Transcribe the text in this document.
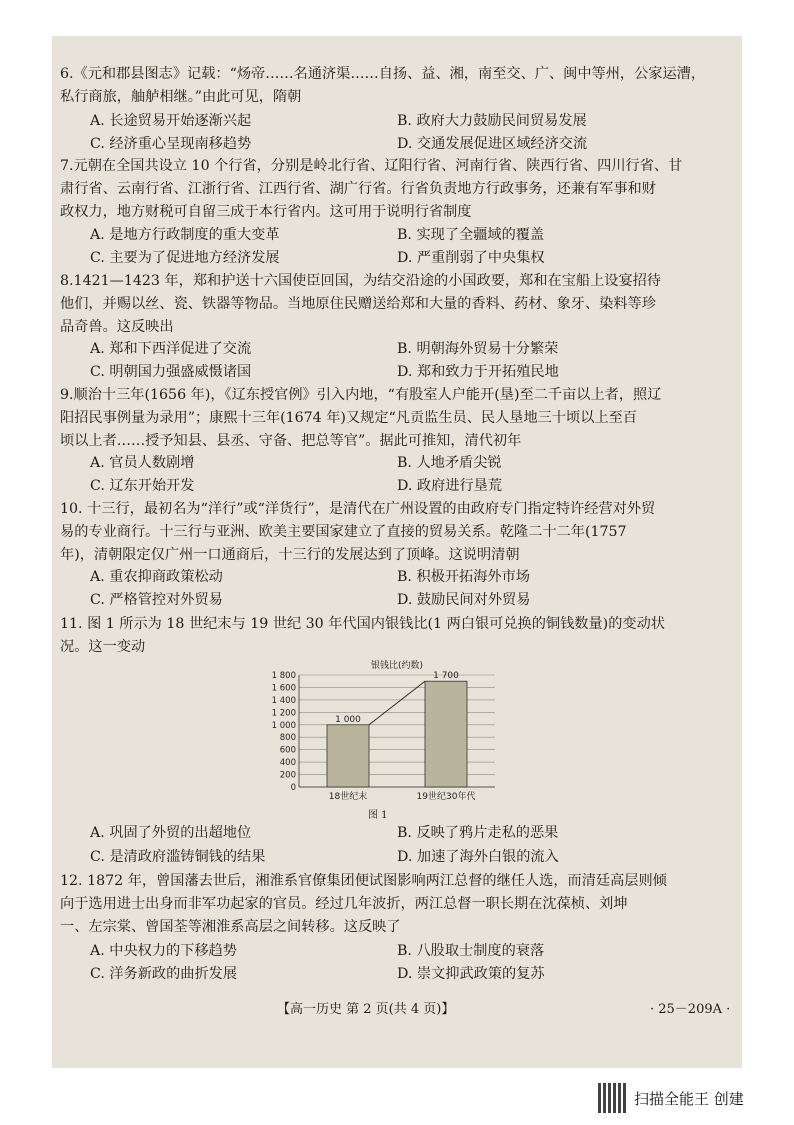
6.《元和郡县图志》记载：“炀帝……名通济渠……自扬、益、湘，南至交、广、闽中等州，公家运漕，
私行商旅，舳舻相继。”由此可见，隋朝
A. 长途贸易开始逐渐兴起	B. 政府大力鼓励民间贸易发展
C. 经济重心呈现南移趋势	D. 交通发展促进区域经济交流
7.元朝在全国共设立 10 个行省，分别是岭北行省、辽阳行省、河南行省、陕西行省、四川行省、甘
肃行省、云南行省、江浙行省、江西行省、湖广行省。行省负责地方行政事务，还兼有军事和财
政权力，地方财税可自留三成于本行省内。这可用于说明行省制度
A. 是地方行政制度的重大变革	B. 实现了全疆域的覆盖
C. 主要为了促进地方经济发展	D. 严重削弱了中央集权
8.1421—1423 年，郑和护送十六国使臣回国，为结交沿途的小国政要，郑和在宝船上设宴招待
他们，并赐以丝、瓷、铁器等物品。当地原住民赠送给郑和大量的香料、药材、象牙、染料等珍
品奇兽。这反映出
A. 郑和下西洋促进了交流	B. 明朝海外贸易十分繁荣
C. 明朝国力强盛威慑诸国	D. 郑和致力于开拓殖民地
9.顺治十三年(1656 年)，《辽东授官例》引入内地，“有股室人户能开(垦)至二千亩以上者，照辽
阳招民事例量为录用”；康熙十三年(1674 年)又规定“凡贡监生员、民人垦地三十顷以上至百
顷以上者……授予知县、县丞、守备、把总等官”。据此可推知，清代初年
A. 官员人数剧增	B. 人地矛盾尖锐
C. 辽东开始开发	D. 政府进行垦荒
10. 十三行，最初名为“洋行”或“洋货行”，是清代在广州设置的由政府专门指定特许经营对外贸
易的专业商行。十三行与亚洲、欧美主要国家建立了直接的贸易关系。乾隆二十二年(1757
年)，清朝限定仅广州一口通商后，十三行的发展达到了顶峰。这说明清朝
A. 重农抑商政策松动	B. 积极开拓海外市场
C. 严格管控对外贸易	D. 鼓励民间对外贸易
11. 图 1 所示为 18 世纪末与 19 世纪 30 年代国内银钱比(1 两白银可兑换的铜钱数量)的变动状
况。这一变动
银钱比(约数)
0
200
400
600
800
1 000
1 200
1 400
1 600
1 800
1 000
18世纪末
1 700
19世纪30年代
图 1
A. 巩固了外贸的出超地位	B. 反映了鸦片走私的恶果
C. 是清政府滥铸铜钱的结果	D. 加速了海外白银的流入
12. 1872 年，曾国藩去世后，湘淮系官僚集团便试图影响两江总督的继任人选，而清廷高层则倾
向于选用进士出身而非军功起家的官员。经过几年波折，两江总督一职长期在沈葆桢、刘坤
一、左宗棠、曾国荃等湘淮系高层之间转移。这反映了
A. 中央权力的下移趋势	B. 八股取士制度的衰落
C. 洋务新政的曲折发展	D. 崇文抑武政策的复苏
【高一历史 第 2 页(共 4 页)】	· 25－209A ·
扫描全能王 创建
